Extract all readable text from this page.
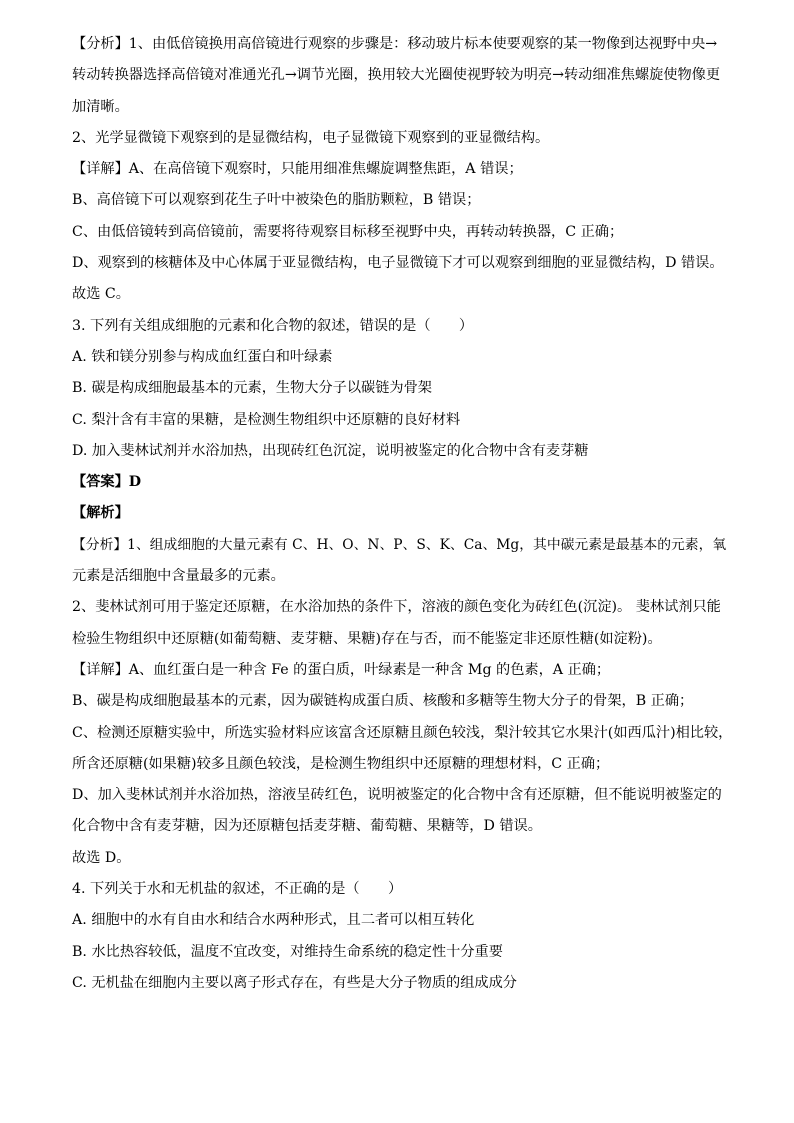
【分析】1、由低倍镜换用高倍镜进行观察的步骤是：移动玻片标本使要观察的某一物像到达视野中央→
转动转换器选择高倍镜对准通光孔→调节光圈，换用较大光圈使视野较为明亮→转动细准焦螺旋使物像更
加清晰。
2、光学显微镜下观察到的是显微结构，电子显微镜下观察到的亚显微结构。
【详解】A、在高倍镜下观察时，只能用细准焦螺旋调整焦距，A 错误；
B、高倍镜下可以观察到花生子叶中被染色的脂肪颗粒，B 错误；
C、由低倍镜转到高倍镜前，需要将待观察目标移至视野中央，再转动转换器，C 正确；
D、观察到的核糖体及中心体属于亚显微结构，电子显微镜下才可以观察到细胞的亚显微结构，D 错误。
故选 C。
3. 下列有关组成细胞的元素和化合物的叙述，错误的是（　　）
A. 铁和镁分别参与构成血红蛋白和叶绿素
B. 碳是构成细胞最基本的元素，生物大分子以碳链为骨架
C. 梨汁含有丰富的果糖，是检测生物组织中还原糖的良好材料
D. 加入斐林试剂并水浴加热，出现砖红色沉淀，说明被鉴定的化合物中含有麦芽糖
【答案】D
【解析】
【分析】1、组成细胞的大量元素有 C、H、O、N、P、S、K、Ca、Mg，其中碳元素是最基本的元素，氧
元素是活细胞中含量最多的元素。
2、斐林试剂可用于鉴定还原糖，在水浴加热的条件下，溶液的颜色变化为砖红色(沉淀)。 斐林试剂只能
检验生物组织中还原糖(如葡萄糖、麦芽糖、果糖)存在与否，而不能鉴定非还原性糖(如淀粉)。
【详解】A、血红蛋白是一种含 Fe 的蛋白质，叶绿素是一种含 Mg 的色素，A 正确；
B、碳是构成细胞最基本的元素，因为碳链构成蛋白质、核酸和多糖等生物大分子的骨架，B 正确；
C、检测还原糖实验中，所选实验材料应该富含还原糖且颜色较浅，梨汁较其它水果汁(如西瓜汁)相比较，
所含还原糖(如果糖)较多且颜色较浅，是检测生物组织中还原糖的理想材料，C 正确；
D、加入斐林试剂并水浴加热，溶液呈砖红色，说明被鉴定的化合物中含有还原糖，但不能说明被鉴定的
化合物中含有麦芽糖，因为还原糖包括麦芽糖、葡萄糖、果糖等，D 错误。
故选 D。
4. 下列关于水和无机盐的叙述，不正确的是（　　）
A. 细胞中的水有自由水和结合水两种形式，且二者可以相互转化
B. 水比热容较低，温度不宜改变，对维持生命系统的稳定性十分重要
C. 无机盐在细胞内主要以离子形式存在，有些是大分子物质的组成成分
